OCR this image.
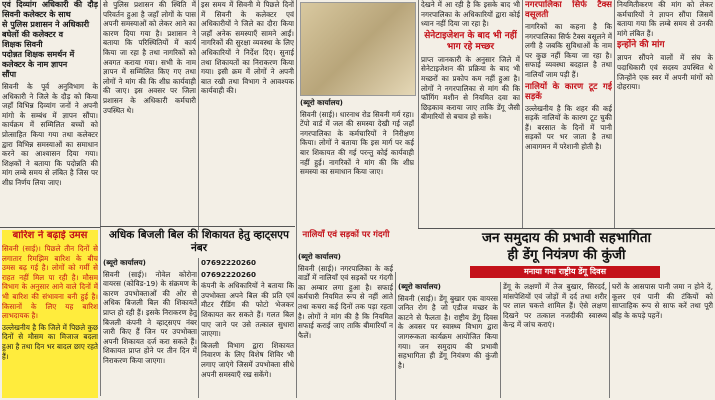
एवं दिव्यांग अधिकारी की दौड़ सिवनी कलेक्टर के साथ
से पुलिस प्रशासन ने अधिकारी
बघेलों की कलेक्टर व
शिक्षक सिवनी
पदोन्नत शिक्षक समर्थन में
कलेक्टर के नाम ज्ञापन
सौंपा

सिवनी के पूर्व अनुविभाग के अधिकारी ने जिले के दौड़ को किया जहाँ विभिन्न दिव्यांग जनों ने अपनी मांगो के सम्बंध में ज्ञापन सौंपा। कार्यक्रम में सम्मिलित बच्चों को प्रोत्साहित किया गया तथा कलेक्टर द्वारा विभिन्न समस्याओं का समाधान करने का आश्वासन दिया गया। शिक्षकों ने बताया कि पदोन्नति की मांग लम्बे समय से लंबित है जिस पर शीघ्र निर्णय लिया जाए।

से पुलिस प्रशासन की स्थिति में परिवर्तन हुआ है जहाँ लोगों के पास अपनी समस्याओं को लेकर आने का कारण दिया गया है। प्रशासन ने बताया कि परिस्थितियों में कार्य किया जा रहा है तथा नागरिकों को अवगत कराया गया। सभी के नाम ज्ञापन में सम्मिलित किए गए तथा लोगों ने मांग की कि शीघ्र कार्यवाही की जाए। इस अवसर पर जिला प्रशासन के अधिकारी कर्मचारी उपस्थित थे।

इस समय में सिवनी मे पिछले दिनों में सिवनी के कलेक्टर एवं अधिकारीयों ने जिले का दौरा किया जहाँ अनेक समस्याएँ सामने आईं। नागरिकों की सुरक्षा व्यवस्था के लिए अधिकारियों ने निर्देश दिए। सुनाई तथा शिकायतों का निराकरण किया गया। इसी क्रम में लोगों ने अपनी बात रखी तथा विभाग ने आवश्यक कार्यवाही की।

(ब्यूरो कार्यालय)

सिवनी (साई)। धारनाथ रोड सिवनी गर्म रहा। टेंपो वार्ड में जल की समस्या देखी गई जहाँ नगरपालिका के कर्मचारियों ने निरीक्षण किया। लोगों ने बताया कि इस मार्ग पर कई बार शिकायत की गई परन्तु कोई कार्यवाही नहीं हुई। नागरिकों ने मांग की कि शीघ्र समस्या का समाधान किया जाए।

देखने में आ रही है कि इसके बाद भी नगरपालिका के अधिकारियों द्वारा कोई ध्यान नहीं दिया जा रहा है।

सेनेटाइजेशन के बाद भी नहीं भाग रहे मच्छर

प्राप्त जानकारी के अनुसार जिले में सेनेटाइजेशन की प्रक्रिया के बाद भी मच्छरों का प्रकोप कम नहीं हुआ है। लोगों ने नगरपालिका से मांग की कि फॉगिंग मशीन से नियमित दवा का छिड़काव कराया जाए ताकि डेंगू जैसी बीमारियों से बचाव हो सके।

नगरपालिका सिर्फ टैक्स वसूलती

नागरिकों का कहना है कि नगरपालिका सिर्फ टैक्स वसूलने में लगी है जबकि सुविधाओं के नाम पर कुछ नहीं किया जा रहा है। सफाई व्यवस्था बदहाल है तथा नालियाँ जाम पड़ी हैं।

नालियों के कारण टूट गई सड़कें

उल्लेखनीय है कि शहर की कई सड़कें नालियों के कारण टूट चुकी हैं। बरसात के दिनों में पानी सड़कों पर भर जाता है तथा आवागमन में परेशानी होती है।

नियमितीकरण की मांग को लेकर कर्मचारियों ने ज्ञापन सौंपा जिसमें बताया गया कि लम्बे समय से उनकी मांगे लंबित हैं।

इन्होंने की मांग

ज्ञापन सौंपने वालों में संघ के पदाधिकारी एवं सदस्य उपस्थित थे जिन्होंने एक स्वर में अपनी मांगों को दोहराया।

बारिश ने बढ़ाई उमस

सिवनी (साई)। पिछले तीन दिनों से लगातार रिमझिम बारिश के बीच उमस बढ़ गई है। लोगों को गर्मी से राहत नहीं मिल पा रही है। मौसम विभाग के अनुसार आने वाले दिनों में भी बारिश की संभावना बनी हुई है। किसानों के लिए यह बारिश लाभदायक है।

उल्लेखनीय है कि जिले में पिछले कुछ दिनों से मौसम का मिजाज बदला हुआ है तथा दिन भर बादल छाए रहते हैं।

अधिक बिजली बिल की शिकायत हेतु व्हाट्सएप नंबर

(ब्यूरो कार्यालय)

सिवनी (साई)। नोवेल कोरोना वायरस (कोविड-19) के संक्रमण के कारण उपभोक्ताओं की ओर से अधिक बिजली बिल की शिकायतें प्राप्त हो रही हैं। इसके निराकरण हेतु बिजली कंपनी ने व्हाट्सएप नंबर जारी किए हैं जिन पर उपभोक्ता अपनी शिकायत दर्ज करा सकते हैं। शिकायत प्राप्त होने पर तीन दिन में निराकरण किया जाएगा।

07692220260

07692220260

कंपनी के अधिकारियों ने बताया कि उपभोक्ता अपने बिल की प्रति एवं मीटर रीडिंग की फोटो भेजकर शिकायत कर सकते हैं। गलत बिल पाए जाने पर उसे तत्काल सुधारा जाएगा।

बिजली विभाग द्वारा शिकायत निवारण के लिए विशेष शिविर भी लगाए जाएंगे जिसमें उपभोक्ता सीधे अपनी समस्याएँ रख सकेंगे।

नालियाँ एवं सड़कों पर गंदगी

(ब्यूरो कार्यालय)

सिवनी (साई)। नगरपालिका के कई वार्डों में नालियाँ एवं सड़कों पर गंदगी का अम्बार लगा हुआ है। सफाई कर्मचारी नियमित रूप से नहीं आते तथा कचरा कई दिनों तक पड़ा रहता है। लोगों ने मांग की है कि नियमित सफाई कराई जाए ताकि बीमारियाँ न फैलें।

जन समुदाय की प्रभावी सहभागिता
ही डेंगू नियंत्रण की कुंजी
मनाया गया राष्ट्रीय डेंगू दिवस

(ब्यूरो कार्यालय)

सिवनी (साई)। डेंगू बुखार एक वायरस जनित रोग है जो एडीज मच्छर के काटने से फैलता है। राष्ट्रीय डेंगू दिवस के अवसर पर स्वास्थ्य विभाग द्वारा जागरूकता कार्यक्रम आयोजित किया गया। जन समुदाय की प्रभावी सहभागिता ही डेंगू नियंत्रण की कुंजी है।

डेंगू के लक्षणों में तेज बुखार, सिरदर्द, मांसपेशियों एवं जोड़ों में दर्द तथा शरीर पर लाल चकत्ते शामिल हैं। ऐसे लक्षण दिखने पर तत्काल नजदीकी स्वास्थ्य केन्द्र में जांच कराएं।

घरों के आसपास पानी जमा न होने दें, कूलर एवं पानी की टंकियों को साप्ताहिक रूप से साफ करें तथा पूरी बाँह के कपड़े पहनें।
